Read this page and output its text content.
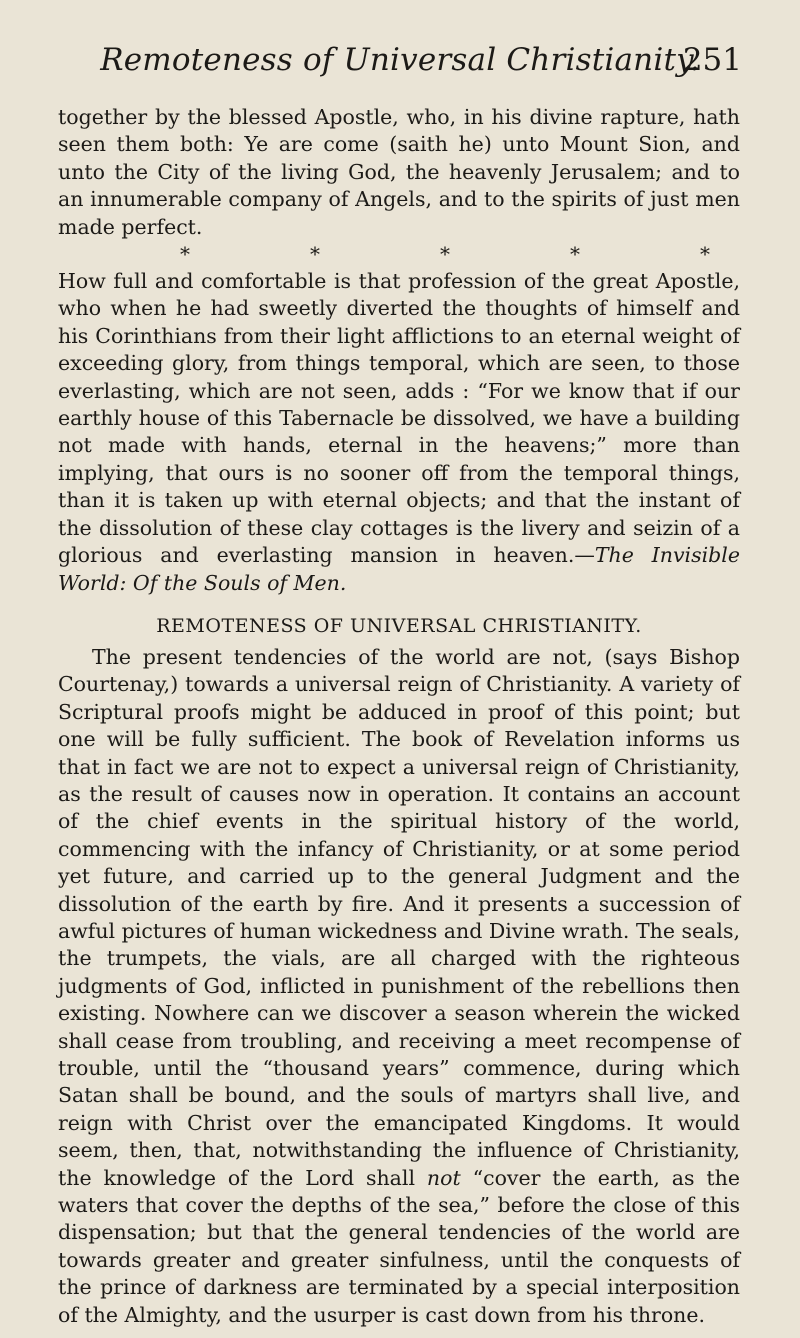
Remoteness of Universal Christianity.
251

together by the blessed Apostle, who, in his divine rapture, hath seen them both: Ye are come (saith he) unto Mount Sion, and unto the City of the living God, the heavenly Jerusalem; and to an innumerable company of Angels, and to the spirits of just men made perfect.

*	*	*	*	*

How full and comfortable is that profession of the great Apostle, who when he had sweetly diverted the thoughts of himself and his Corinthians from their light afflictions to an eternal weight of exceeding glory, from things temporal, which are seen, to those everlasting, which are not seen, adds : “For we know that if our earthly house of this Tabernacle be dissolved, we have a building not made with hands, eternal in the heavens;” more than implying, that ours is no sooner off from the temporal things, than it is taken up with eternal objects; and that the instant of the dissolution of these clay cottages is the livery and seizin of a glorious and everlasting mansion in heaven.—The Invisible World: Of the Souls of Men.

REMOTENESS OF UNIVERSAL CHRISTIANITY.

The present tendencies of the world are not, (says Bishop Courtenay,) towards a universal reign of Christianity. A variety of Scriptural proofs might be adduced in proof of this point; but one will be fully sufficient. The book of Revelation informs us that in fact we are not to expect a universal reign of Christianity, as the result of causes now in operation. It contains an account of the chief events in the spiritual history of the world, commencing with the infancy of Christianity, or at some period yet future, and carried up to the general Judgment and the dissolution of the earth by fire. And it presents a succession of awful pictures of human wickedness and Divine wrath. The seals, the trumpets, the vials, are all charged with the righteous judgments of God, inflicted in punishment of the rebellions then existing. Nowhere can we discover a season wherein the wicked shall cease from troubling, and receiving a meet recompense of trouble, until the “thousand years” commence, during which Satan shall be bound, and the souls of martyrs shall live, and reign with Christ over the emancipated Kingdoms. It would seem, then, that, notwithstanding the influence of Christianity, the knowledge of the Lord shall not “cover the earth, as the waters that cover the depths of the sea,” before the close of this dispensation; but that the general tendencies of the world are towards greater and greater sinfulness, until the conquests of the prince of darkness are terminated by a special interposition of the Almighty, and the usurper is cast down from his throne.
